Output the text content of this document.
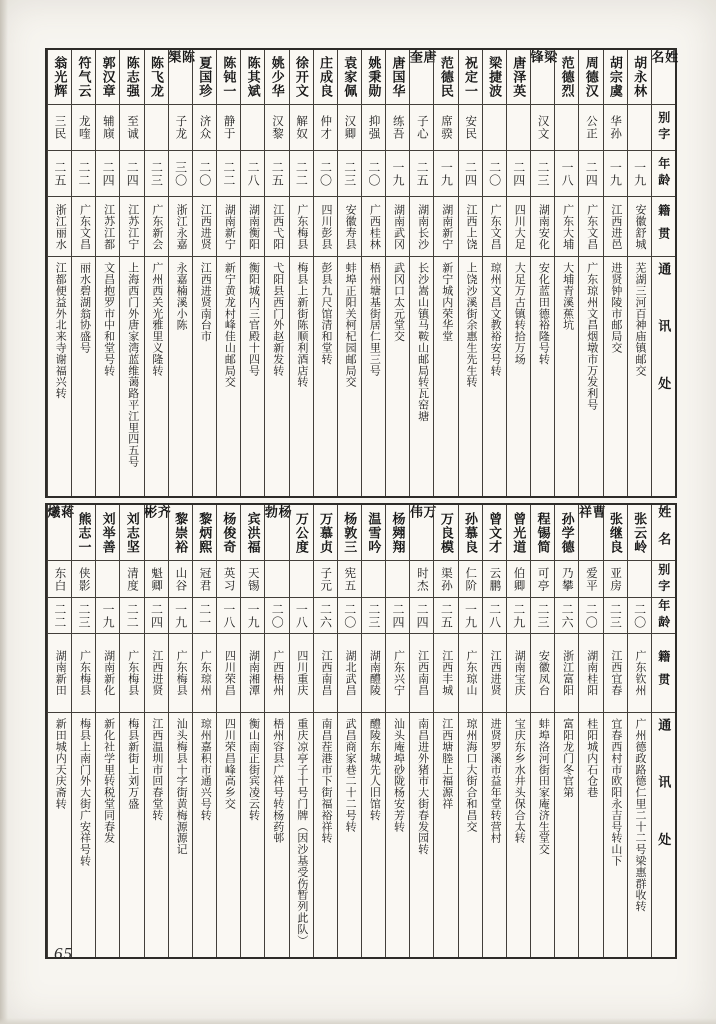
姓名
别字
年龄
籍贯
通讯处
胡永林
一九
安徽舒城
芜湖三河百神庙镇邮交
胡宗虞
华孙
一九
江西进邑
进贤钟陵市邮局交
周德汉
公正
二四
广东文昌
广东琼州文昌烟墩市万发利号
范德烈
一八
广东大埔
大埔青溪蕉坑
梁锋
汉文
二三
湖南安化
安化蓝田德裕隆号转
唐泽英
二四
四川大足
大足万古镇转拾万场
梁捷波
二〇
广东文昌
琼州文昌文教裕安号转
祝定一
安民
二四
江西上饶
上饶沙溪街余惠生先生转
范德民
席骙
一九
湖南新宁
新宁城内荣华堂
唐奎
子心
二五
湖南长沙
长沙嵩山镇马鞍山邮局转瓦窑塘
唐国华
练吾
一九
湖南武冈
武冈口太元堂交
姚秉勋
抑强
二〇
广西桂林
梧州塘基街居仁里三号
袁家佩
汉卿
二三
安徽寿县
蚌埠正阳关柯杞园邮局交
庄成良
仲才
二〇
四川彭县
彭县九尺馆清和堂转
徐开文
解奴
二二
广东梅县
梅县上新街陈顺利酒店转
姚少华
汉黎
二五
江西弋阳
弋阳县西门外赵新发转
陈其斌
二八
湖南衡阳
衡阳城内三官殿十四号
陈钝一
静于
二二
湖南新宁
新宁黄龙村峰佳山邮局交
夏国珍
济众
二〇
江西进贤
江西进贤南台市
陈榘
子龙
三〇
浙江永嘉
永嘉楠溪小陈
陈飞龙
二三
广东新会
广州西关光雅里义隆转
陈志强
至诚
二四
江苏江宁
上海西门外唐家湾蓝维蔼路平江里四五号
郭汉章
辅庼
二四
江苏江都
文昌抱罗市中和堂号转
符气云
龙喹
二二
广东文昌
丽水碧湖翁协盛号
翁光辉
三民
二五
浙江丽水
江都便益外北来寺谢福兴转
姓名
别字
年龄
籍贯
通讯处
张云岭
二〇
广东钦州
广州德政路德仁里二十二号梁惠群收转
张继良
亚房
二三
江西宜春
宜春西村市欧阳永吉号转山下
曹祥
爱平
二〇
湖南桂阳
桂阳城内石仓巷
孙学德
乃攀
二六
浙江富阳
富阳龙门冬官第
程锡简
可亭
二三
安徽凤台
蚌埠洛河街田家庵济生堂交
曾光道
伯卿
二九
湖南宝庆
宝庆东乡水井头保合太转
曾文才
云鹏
二八
江西进贤
进贤罗溪市益年堂转营村
孙慕良
仁阶
一九
广东琼山
琼州海口大街合和昌交
万良模
渠孙
二五
江西丰城
江西塘塍上福源祥
万伟
时杰
二四
江西南昌
南昌进外猪市大街春发园转
杨翙翔
二四
广东兴宁
汕头庵埠砂陇杨安芳转
温雪吟
二三
湖南醴陵
醴陵东城先人旧馆转
杨敦三
宪五
二〇
湖北武昌
武昌商家巷二十二号转
万慕贞
子元
二六
江西南昌
南昌茬港市下街福裕祥转
万公度
一八
四川重庆
重庆凉亭子十号门牌（因沙基受伤暂列此队）
杨勃
二〇
广西梧州
梧州容县广祥号转杨药邨
宾洪福
天锡
一九
湖南湘潭
衡山南正街宾凌云转
杨俊奇
英习
一八
四川荣昌
四川荣昌峰高乡交
黎炳熙
冠君
二一
广东琼州
琼州嘉积市通兴号转
黎崇裕
山谷
一九
广东梅县
汕头梅县十字街黄梅源源记
齐彬
魁卿
二四
江西进贤
江西温圳市回春堂转
刘志坚
清度
二二
广东梅县
梅县新街上刘万盛
刘举善
一九
湖南新化
新化社学里转税堂同春发
熊志一
侠影
二三
广东梅县
梅县上南门外大街广安祥号转
蒋爔
东白
二二
湖南新田
新田城内天庆斋转
65
